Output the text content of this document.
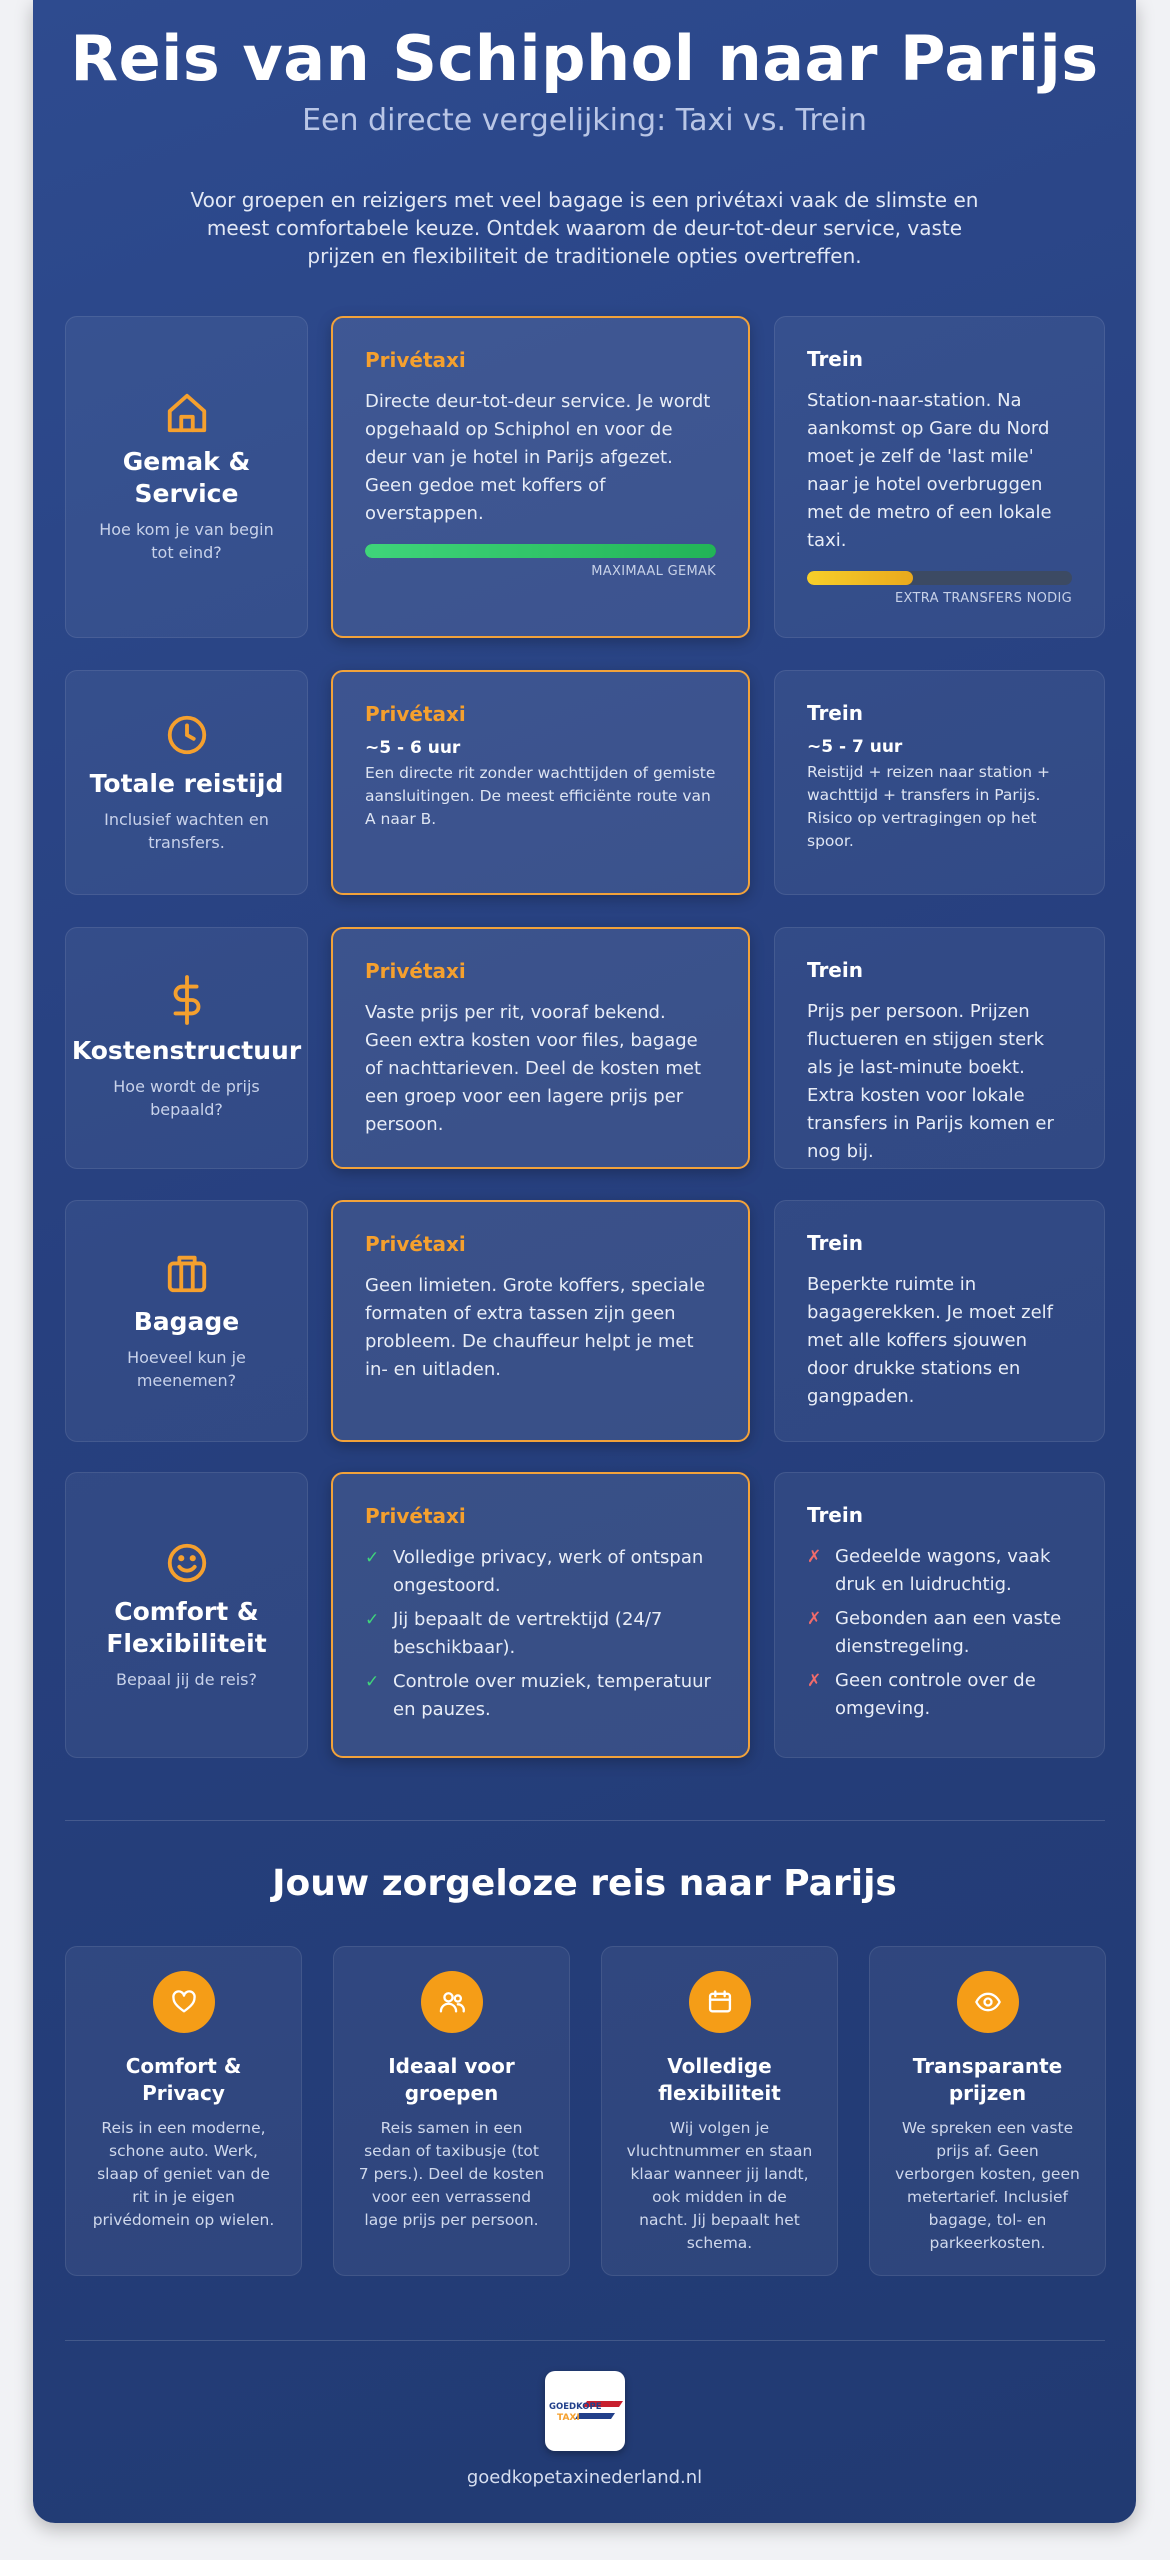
Reis van Schiphol naar Parijs
Een directe vergelijking: Taxi vs. Trein
Voor groepen en reizigers met veel bagage is een privétaxi vaak de slimste en meest comfortabele keuze. Ontdek waarom de deur-tot-deur service, vaste prijzen en flexibiliteit de traditionele opties overtreffen.
Gemak & Service
Hoe kom je van begin tot eind?
Privétaxi
Directe deur-tot-deur service. Je wordt opgehaald op Schiphol en voor de deur van je hotel in Parijs afgezet. Geen gedoe met koffers of overstappen.
MAXIMAAL GEMAK
Trein
Station-naar-station. Na aankomst op Gare du Nord moet je zelf de 'last mile' naar je hotel overbruggen met de metro of een lokale taxi.
EXTRA TRANSFERS NODIG
Totale reistijd
Inclusief wachten en transfers.
Privétaxi
~5 - 6 uur
Een directe rit zonder wachttijden of gemiste aansluitingen. De meest efficiënte route van A naar B.
Trein
~5 - 7 uur
Reistijd + reizen naar station + wachttijd + transfers in Parijs. Risico op vertragingen op het spoor.
Kostenstructuur
Hoe wordt de prijs bepaald?
Privétaxi
Vaste prijs per rit, vooraf bekend. Geen extra kosten voor files, bagage of nachttarieven. Deel de kosten met een groep voor een lagere prijs per persoon.
Trein
Prijs per persoon. Prijzen fluctueren en stijgen sterk als je last-minute boekt. Extra kosten voor lokale transfers in Parijs komen er nog bij.
Bagage
Hoeveel kun je meenemen?
Privétaxi
Geen limieten. Grote koffers, speciale formaten of extra tassen zijn geen probleem. De chauffeur helpt je met in- en uitladen.
Trein
Beperkte ruimte in bagagerekken. Je moet zelf met alle koffers sjouwen door drukke stations en gangpaden.
Comfort & Flexibiliteit
Bepaal jij de reis?
Privétaxi
✓ Volledige privacy, werk of ontspan ongestoord.
✓ Jij bepaalt de vertrektijd (24/7 beschikbaar).
✓ Controle over muziek, temperatuur en pauzes.
Trein
✗ Gedeelde wagons, vaak druk en luidruchtig.
✗ Gebonden aan een vaste dienstregeling.
✗ Geen controle over de omgeving.
Jouw zorgeloze reis naar Parijs
Comfort & Privacy
Reis in een moderne, schone auto. Werk, slaap of geniet van de rit in je eigen privédomein op wielen.
Ideaal voor groepen
Reis samen in een sedan of taxibusje (tot 7 pers.). Deel de kosten voor een verrassend lage prijs per persoon.
Volledige flexibiliteit
Wij volgen je vluchtnummer en staan klaar wanneer jij landt, ook midden in de nacht. Jij bepaalt het schema.
Transparante prijzen
We spreken een vaste prijs af. Geen verborgen kosten, geen metertarief. Inclusief bagage, tol- en parkeerkosten.
GOEDKOPE
TAXI
goedkopetaxinederland.nl
